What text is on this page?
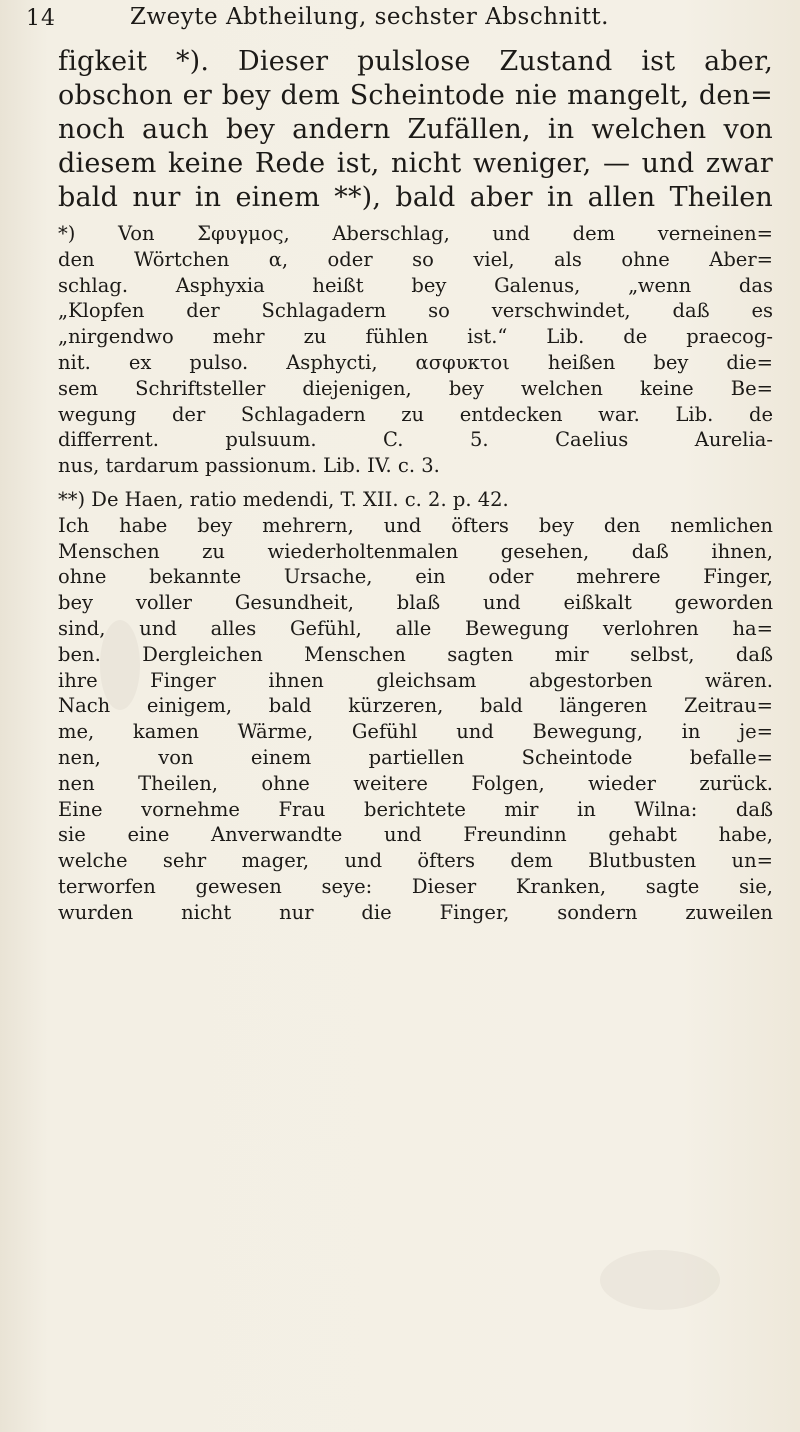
14	Zweyte Abtheilung, sechster Abschnitt.
figkeit *). Dieser pulslose Zustand ist aber,
obschon er bey dem Scheintode nie mangelt, den=
noch auch bey andern Zufällen, in welchen von
diesem keine Rede ist, nicht weniger, — und zwar
bald nur in einem **), bald aber in allen Theilen
*) Von Σφυγμος, Aberschlag, und dem verneinen=
den Wörtchen α, oder so viel, als ohne Aber=
schlag. Asphyxia heißt bey Galenus, „wenn das
„Klopfen der Schlagadern so verschwindet, daß es
„nirgendwo mehr zu fühlen ist.“ Lib. de praecog-
nit. ex pulso. Asphycti, ασφυκτοι heißen bey die=
sem Schriftsteller diejenigen, bey welchen keine Be=
wegung der Schlagadern zu entdecken war. Lib. de
differrent. pulsuum. C. 5. Caelius Aurelia-
nus, tardarum passionum. Lib. IV. c. 3.
**) De Haen, ratio medendi, T. XII. c. 2. p. 42.
Ich habe bey mehrern, und öfters bey den nemlichen
Menschen zu wiederholtenmalen gesehen, daß ihnen,
ohne bekannte Ursache, ein oder mehrere Finger,
bey voller Gesundheit, blaß und eißkalt geworden
sind, und alles Gefühl, alle Bewegung verlohren ha=
ben. Dergleichen Menschen sagten mir selbst, daß
ihre Finger ihnen gleichsam abgestorben wären.
Nach einigem, bald kürzeren, bald längeren Zeitrau=
me, kamen Wärme, Gefühl und Bewegung, in je=
nen, von einem partiellen Scheintode befalle=
nen Theilen, ohne weitere Folgen, wieder zurück.
Eine vornehme Frau berichtete mir in Wilna: daß
sie eine Anverwandte und Freundinn gehabt habe,
welche sehr mager, und öfters dem Blutbusten un=
terworfen gewesen seye: Dieser Kranken, sagte sie,
wurden nicht nur die Finger, sondern zuweilen
